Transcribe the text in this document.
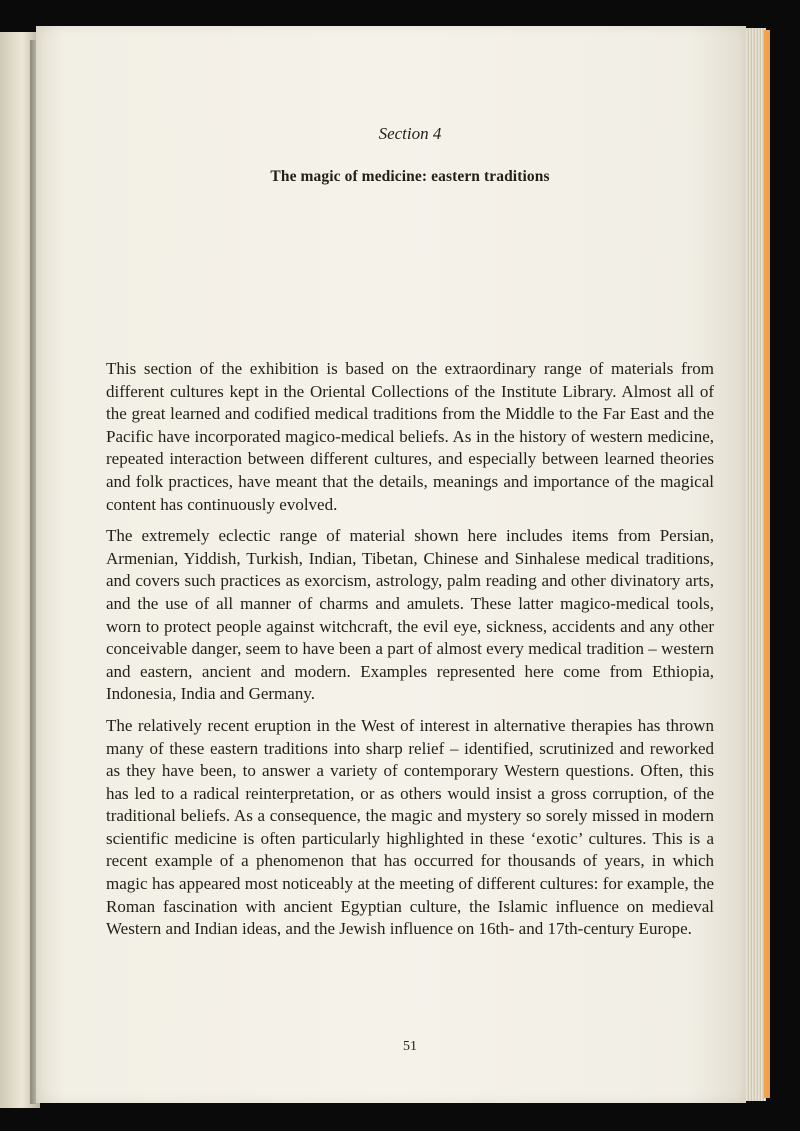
Section 4

The magic of medicine: eastern traditions

This section of the exhibition is based on the extraordinary range of materials from different cultures kept in the Oriental Collections of the Institute Library. Almost all of the great learned and codified medical traditions from the Middle to the Far East and the Pacific have incorporated magico-medical beliefs. As in the history of western medicine, repeated interaction between different cultures, and especially between learned theories and folk practices, have meant that the details, meanings and importance of the magical content has continuously evolved.

The extremely eclectic range of material shown here includes items from Persian, Armenian, Yiddish, Turkish, Indian, Tibetan, Chinese and Sinhalese medical traditions, and covers such practices as exorcism, astrology, palm reading and other divinatory arts, and the use of all manner of charms and amulets. These latter magico-medical tools, worn to protect people against witchcraft, the evil eye, sickness, accidents and any other conceivable danger, seem to have been a part of almost every medical tradition – western and eastern, ancient and modern. Examples represented here come from Ethiopia, Indonesia, India and Germany.

The relatively recent eruption in the West of interest in alternative therapies has thrown many of these eastern traditions into sharp relief – identified, scrutinized and reworked as they have been, to answer a variety of contemporary Western questions. Often, this has led to a radical reinterpretation, or as others would insist a gross corruption, of the traditional beliefs. As a consequence, the magic and mystery so sorely missed in modern scientific medicine is often particularly highlighted in these ‘exotic’ cultures. This is a recent example of a phenomenon that has occurred for thousands of years, in which magic has appeared most noticeably at the meeting of different cultures: for example, the Roman fascination with ancient Egyptian culture, the Islamic influence on medieval Western and Indian ideas, and the Jewish influence on 16th- and 17th-century Europe.

51
